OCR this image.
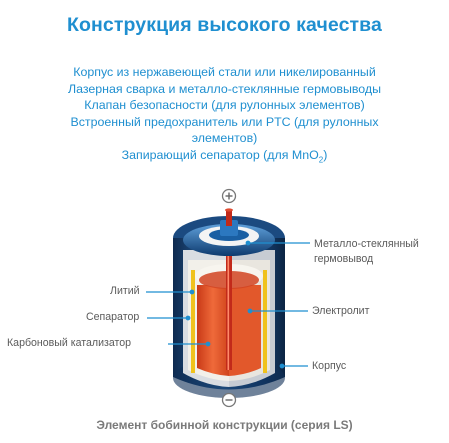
Конструкция высокого качества
Корпус из нержавеющей стали или никелированный
Лазерная сварка и металло-стеклянные гермовыводы
Клапан безопасности (для рулонных элементов)
Встроенный предохранитель или PTC (для рулонных
элементов)
Запирающий сепаратор (для MnO$_2$)
Металло-стеклянный
гермовывод
Литий
Сепаратор
Карбоновый катализатор
Электролит
Корпус
Элемент бобинной конструкции (серия LS)
